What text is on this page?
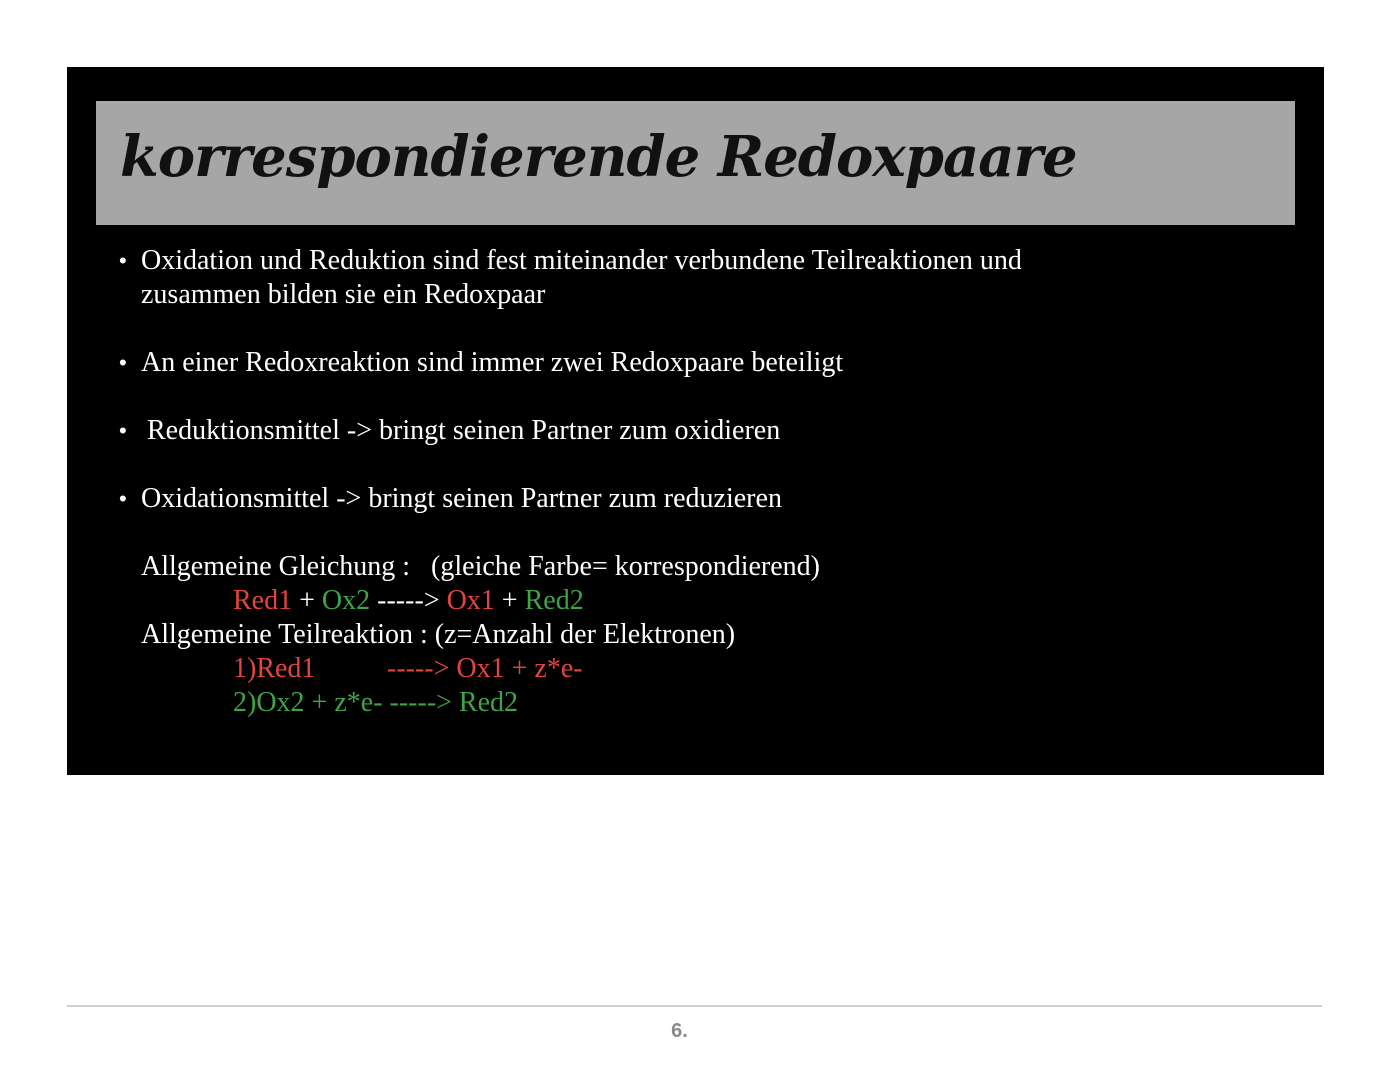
korrespondierende Redoxpaare
• Oxidation und Reduktion sind fest miteinander verbundene Teilreaktionen und
zusammen bilden sie ein Redoxpaar
• An einer Redoxreaktion sind immer zwei Redoxpaare beteiligt
• Reduktionsmittel -> bringt seinen Partner zum oxidieren
• Oxidationsmittel -> bringt seinen Partner zum reduzieren
Allgemeine Gleichung :   (gleiche Farbe= korrespondierend)
Red1 + Ox2 -----> Ox1 + Red2
Allgemeine Teilreaktion : (z=Anzahl der Elektronen)
1)Red1	-----> Ox1 + z*e-
2)Ox2 + z*e- -----> Red2
6.
